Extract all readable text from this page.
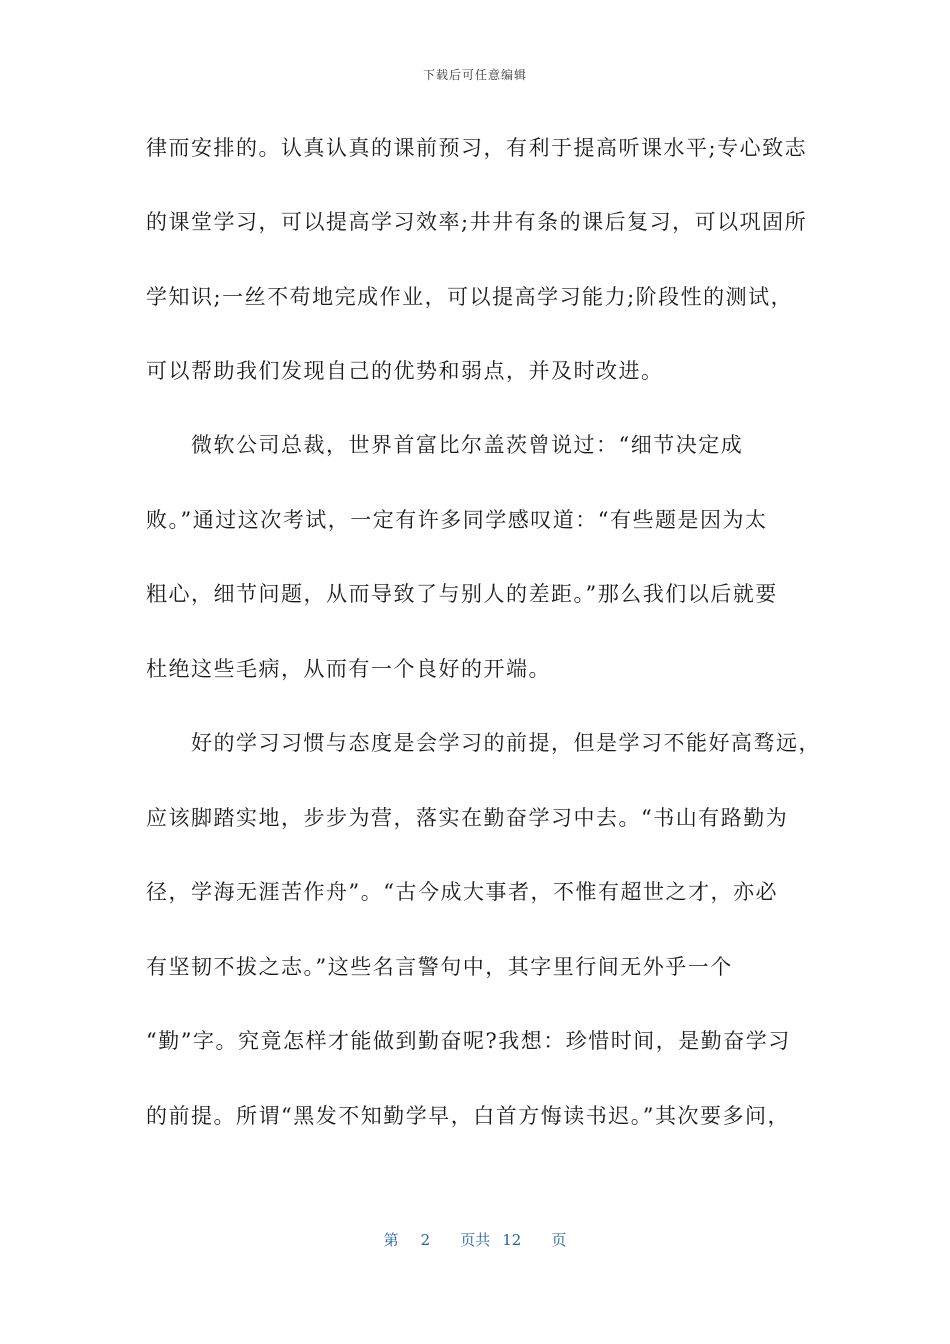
下载后可任意编辑
律而安排的。认真认真的课前预习，有利于提高听课水平;专心致志
的课堂学习，可以提高学习效率;井井有条的课后复习，可以巩固所
学知识;一丝不苟地完成作业，可以提高学习能力;阶段性的测试，
可以帮助我们发现自己的优势和弱点，并及时改进。
　　微软公司总裁，世界首富比尔盖茨曾说过：“细节决定成
败。”通过这次考试，一定有许多同学感叹道：“有些题是因为太
粗心，细节问题，从而导致了与别人的差距。”那么我们以后就要
杜绝这些毛病，从而有一个良好的开端。
　　好的学习习惯与态度是会学习的前提，但是学习不能好高骛远，
应该脚踏实地，步步为营，落实在勤奋学习中去。“书山有路勤为
径，学海无涯苦作舟”。“古今成大事者，不惟有超世之才，亦必
有坚韧不拔之志。”这些名言警句中，其字里行间无外乎一个
“勤”字。究竟怎样才能做到勤奋呢?我想：珍惜时间，是勤奋学习
的前提。所谓“黑发不知勤学早，白首方悔读书迟。”其次要多问，
第 2 页共 12 页
